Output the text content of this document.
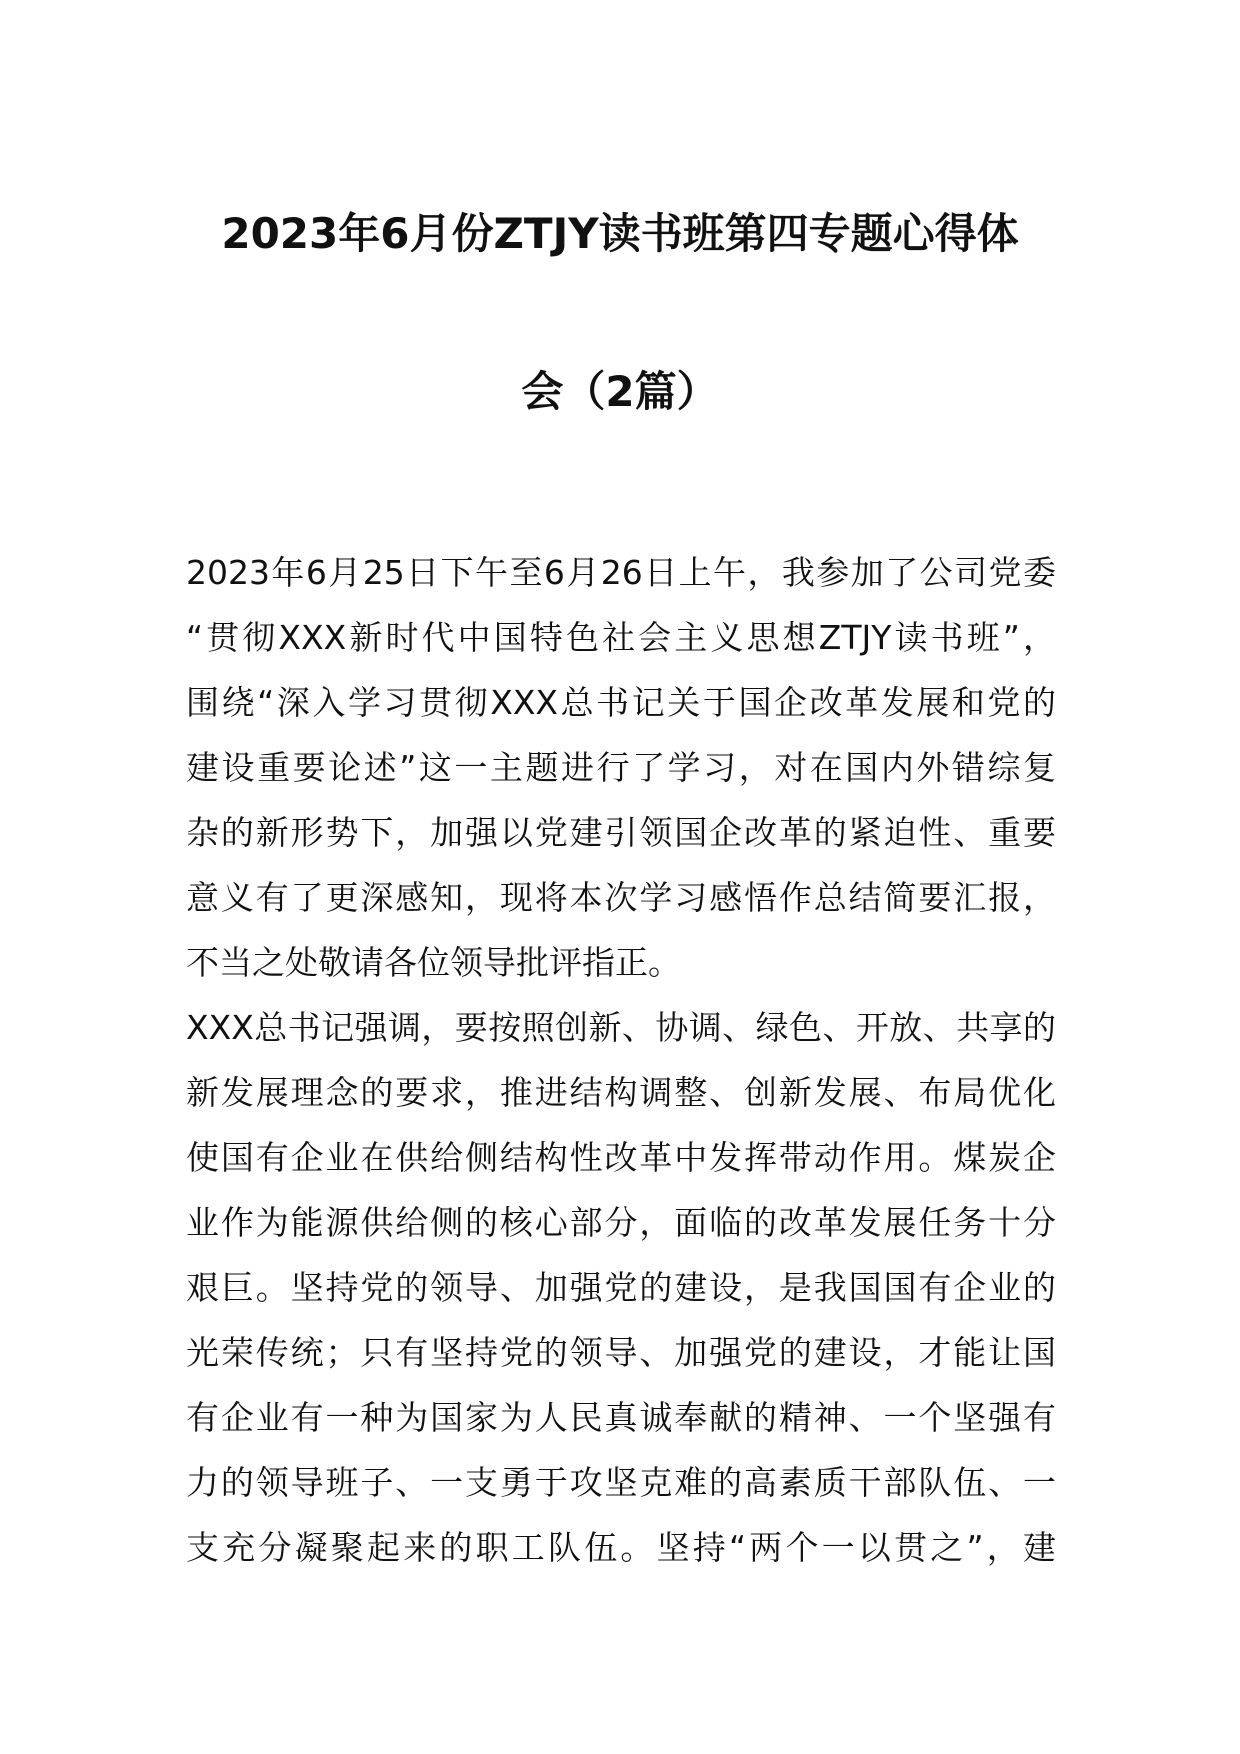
2023年6月份ZTJY读书班第四专题心得体
会（2篇）
2023年6月25日下午至6月26日上午，我参加了公司党委
“贯彻XXX新时代中国特色社会主义思想ZTJY读书班”，
围绕“深入学习贯彻XXX总书记关于国企改革发展和党的
建设重要论述”这一主题进行了学习，对在国内外错综复
杂的新形势下，加强以党建引领国企改革的紧迫性、重要
意义有了更深感知，现将本次学习感悟作总结简要汇报，
不当之处敬请各位领导批评指正。
XXX总书记强调，要按照创新、协调、绿色、开放、共享的
新发展理念的要求，推进结构调整、创新发展、布局优化
使国有企业在供给侧结构性改革中发挥带动作用。煤炭企
业作为能源供给侧的核心部分，面临的改革发展任务十分
艰巨。坚持党的领导、加强党的建设，是我国国有企业的
光荣传统；只有坚持党的领导、加强党的建设，才能让国
有企业有一种为国家为人民真诚奉献的精神、一个坚强有
力的领导班子、一支勇于攻坚克难的高素质干部队伍、一
支充分凝聚起来的职工队伍。坚持“两个一以贯之”，建
